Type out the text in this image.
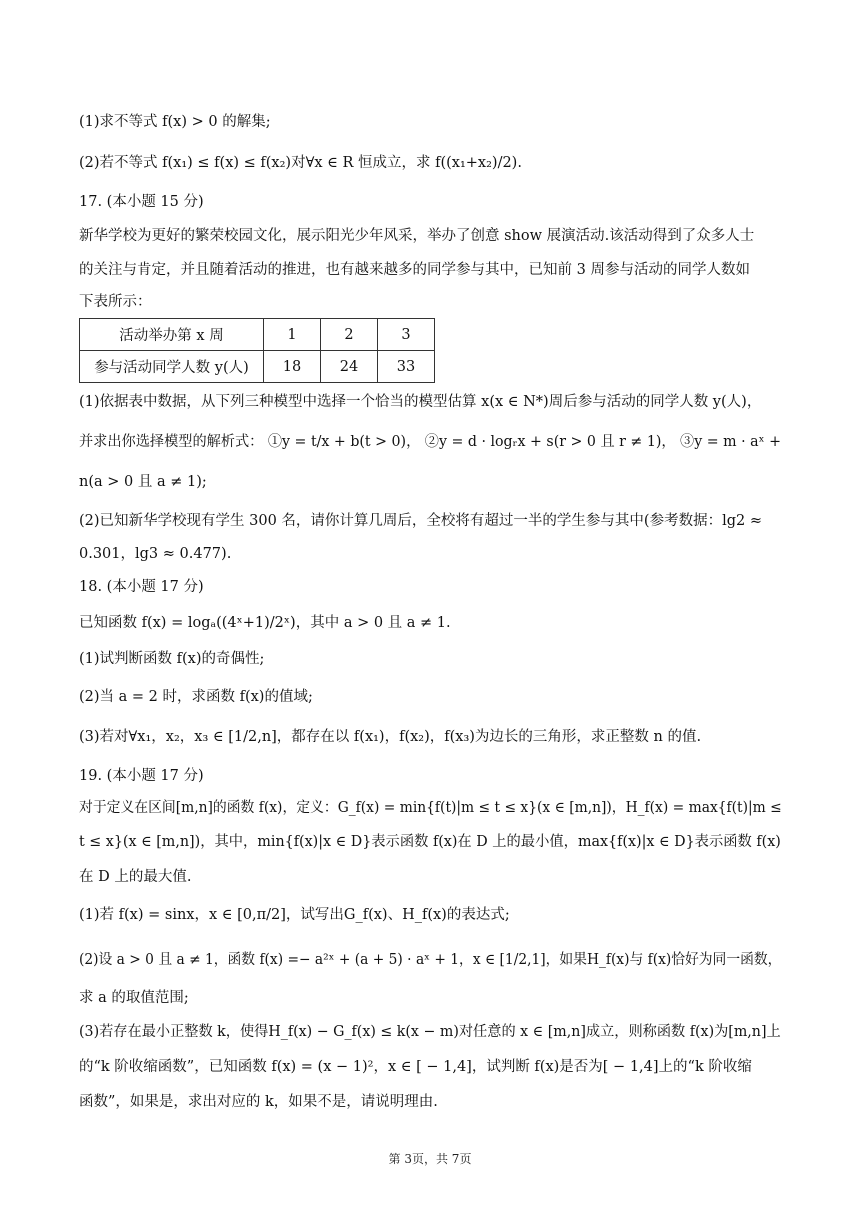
(1)求不等式 f(x) > 0 的解集;
(2)若不等式 f(x₁) ≤ f(x) ≤ f(x₂)对∀x ∈ R 恒成立，求 f((x₁+x₂)/2).
17. (本小题 15 分)
新华学校为更好的繁荣校园文化，展示阳光少年风采，举办了创意 show 展演活动.该活动得到了众多人士
的关注与肯定，并且随着活动的推进，也有越来越多的同学参与其中，已知前 3 周参与活动的同学人数如
下表所示：
活动举办第 x 周	1	2	3
参与活动同学人数 y(人)	18	24	33
(1)依据表中数据，从下列三种模型中选择一个恰当的模型估算 x(x ∈ N*)周后参与活动的同学人数 y(人)，
并求出你选择模型的解析式： ①y = t/x + b(t > 0)， ②y = d · logᵣx + s(r > 0 且 r ≠ 1)， ③y = m · aˣ +
n(a > 0 且 a ≠ 1);
(2)已知新华学校现有学生 300 名，请你计算几周后，全校将有超过一半的学生参与其中(参考数据：lg2 ≈
0.301，lg3 ≈ 0.477).
18. (本小题 17 分)
已知函数 f(x) = logₐ((4ˣ+1)/2ˣ)，其中 a > 0 且 a ≠ 1.
(1)试判断函数 f(x)的奇偶性;
(2)当 a = 2 时，求函数 f(x)的值域;
(3)若对∀x₁，x₂，x₃ ∈ [1/2,n]，都存在以 f(x₁)，f(x₂)，f(x₃)为边长的三角形，求正整数 n 的值.
19. (本小题 17 分)
对于定义在区间[m,n]的函数 f(x)，定义：G_f(x) = min{f(t)|m ≤ t ≤ x}(x ∈ [m,n])，H_f(x) = max{f(t)|m ≤
t ≤ x}(x ∈ [m,n])，其中，min{f(x)|x ∈ D}表示函数 f(x)在 D 上的最小值，max{f(x)|x ∈ D}表示函数 f(x)
在 D 上的最大值.
(1)若 f(x) = sinx，x ∈ [0,π/2]，试写出G_f(x)、H_f(x)的表达式;
(2)设 a > 0 且 a ≠ 1，函数 f(x) =− a²ˣ + (a + 5) · aˣ + 1，x ∈ [1/2,1]，如果H_f(x)与 f(x)恰好为同一函数，
求 a 的取值范围;
(3)若存在最小正整数 k，使得H_f(x) − G_f(x) ≤ k(x − m)对任意的 x ∈ [m,n]成立，则称函数 f(x)为[m,n]上
的“k 阶收缩函数”，已知函数 f(x) = (x − 1)²，x ∈ [ − 1,4]，试判断 f(x)是否为[ − 1,4]上的“k 阶收缩
函数”，如果是，求出对应的 k，如果不是，请说明理由.
第 3页，共 7页
